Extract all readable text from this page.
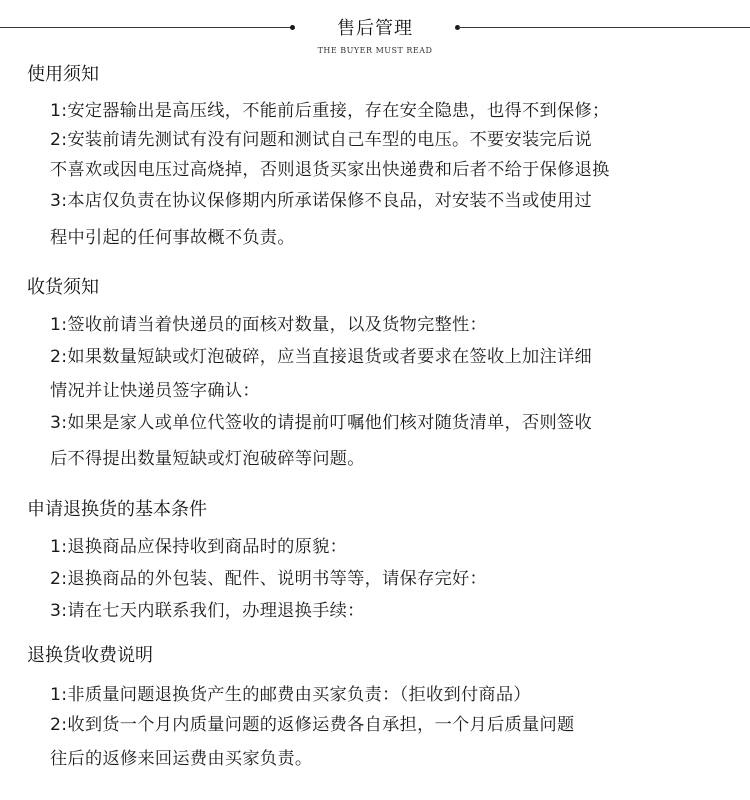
售后管理
THE BUYER MUST READ
使用须知
1:安定器输出是高压线，不能前后重接，存在安全隐患，也得不到保修；
2:安装前请先测试有没有问题和测试自己车型的电压。不要安装完后说
不喜欢或因电压过高烧掉，否则退货买家出快递费和后者不给于保修退换
3:本店仅负责在协议保修期内所承诺保修不良品，对安装不当或使用过
程中引起的任何事故概不负责。
收货须知
1:签收前请当着快递员的面核对数量，以及货物完整性：
2:如果数量短缺或灯泡破碎，应当直接退货或者要求在签收上加注详细
情况并让快递员签字确认：
3:如果是家人或单位代签收的请提前叮嘱他们核对随货清单，否则签收
后不得提出数量短缺或灯泡破碎等问题。
申请退换货的基本条件
1:退换商品应保持收到商品时的原貌：
2:退换商品的外包装、配件、说明书等等，请保存完好：
3:请在七天内联系我们，办理退换手续：
退换货收费说明
1:非质量问题退换货产生的邮费由买家负责：（拒收到付商品）
2:收到货一个月内质量问题的返修运费各自承担，一个月后质量问题
往后的返修来回运费由买家负责。
